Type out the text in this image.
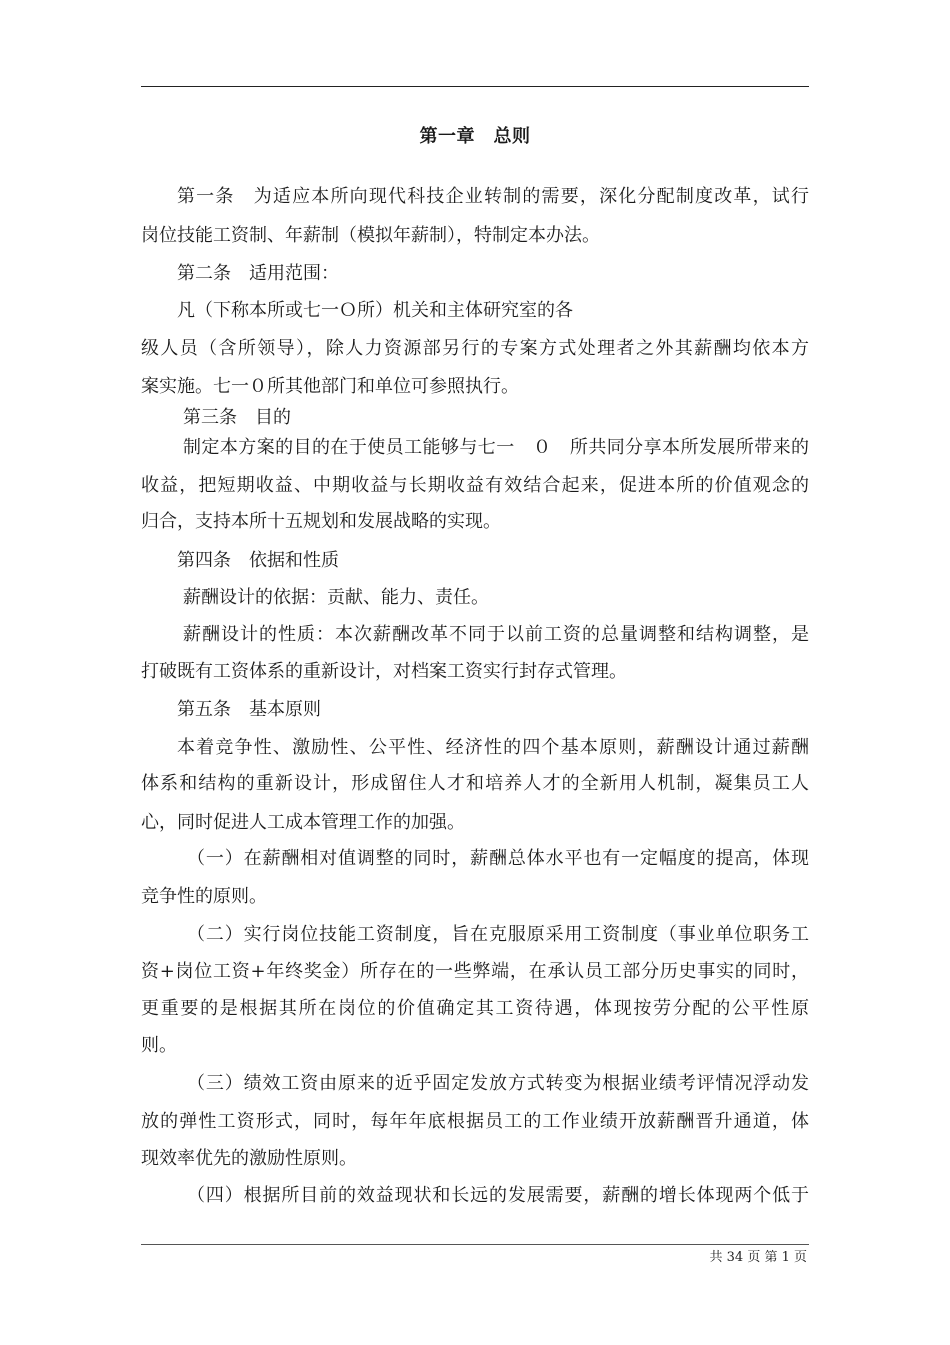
第一章　总则
第一条　为适应本所向现代科技企业转制的需要，深化分配制度改革，试行
岗位技能工资制、年薪制（模拟年薪制），特制定本办法。
第二条　适用范围：
凡（下称本所或七一Ｏ所）机关和主体研究室的各
级人员（含所领导），除人力资源部另行的专案方式处理者之外其薪酬均依本方
案实施。七一０所其他部门和单位可参照执行。
第三条　目的
制定本方案的目的在于使员工能够与七一　０　所共同分享本所发展所带来的
收益，把短期收益、中期收益与长期收益有效结合起来，促进本所的价值观念的
归合，支持本所十五规划和发展战略的实现。
第四条　依据和性质
薪酬设计的依据：贡献、能力、责任。
薪酬设计的性质：本次薪酬改革不同于以前工资的总量调整和结构调整，是
打破既有工资体系的重新设计，对档案工资实行封存式管理。
第五条　基本原则
本着竞争性、激励性、公平性、经济性的四个基本原则，薪酬设计通过薪酬
体系和结构的重新设计，形成留住人才和培养人才的全新用人机制，凝集员工人
心，同时促进人工成本管理工作的加强。
（一）在薪酬相对值调整的同时，薪酬总体水平也有一定幅度的提高，体现
竞争性的原则。
（二）实行岗位技能工资制度，旨在克服原采用工资制度（事业单位职务工
资+岗位工资+年终奖金）所存在的一些弊端，在承认员工部分历史事实的同时，
更重要的是根据其所在岗位的价值确定其工资待遇，体现按劳分配的公平性原
则。
（三）绩效工资由原来的近乎固定发放方式转变为根据业绩考评情况浮动发
放的弹性工资形式，同时，每年年底根据员工的工作业绩开放薪酬晋升通道，体
现效率优先的激励性原则。
（四）根据所目前的效益现状和长远的发展需要，薪酬的增长体现两个低于
共 34 页 第 1 页
